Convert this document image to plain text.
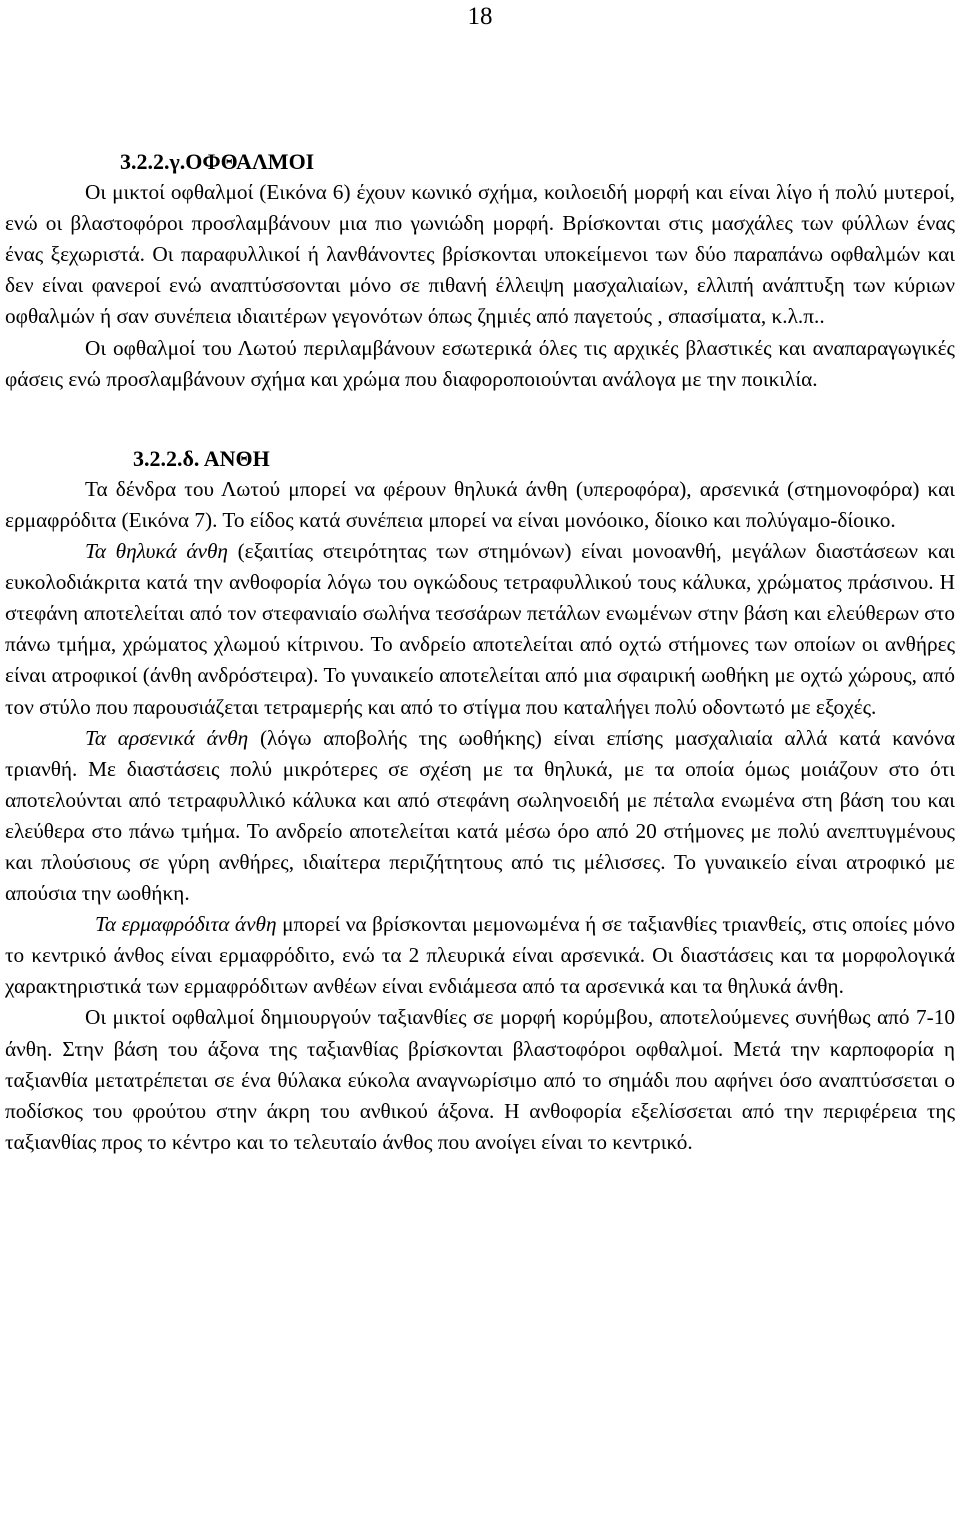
18
3.2.2.γ.ΟΦΘΑΛΜΟΙ

Οι μικτοί οφθαλμοί (Εικόνα 6) έχουν κωνικό σχήμα, κοιλοειδή μορφή και είναι λίγο ή πολύ μυτεροί, ενώ οι βλαστοφόροι προσλαμβάνουν μια πιο γωνιώδη μορφή. Βρίσκονται στις μασχάλες των φύλλων ένας ένας ξεχωριστά. Οι παραφυλλικοί ή λανθάνοντες βρίσκονται υποκείμενοι των δύο παραπάνω οφθαλμών και δεν είναι φανεροί ενώ αναπτύσσονται μόνο σε πιθανή έλλειψη μασχαλιαίων, ελλιπή ανάπτυξη των κύριων οφθαλμών ή σαν συνέπεια ιδιαιτέρων γεγονότων όπως ζημιές από παγετούς , σπασίματα, κ.λ.π..

Οι οφθαλμοί του Λωτού περιλαμβάνουν εσωτερικά όλες τις αρχικές βλαστικές και αναπαραγωγικές φάσεις ενώ προσλαμβάνουν σχήμα και χρώμα που διαφοροποιούνται ανάλογα με την ποικιλία.

3.2.2.δ. ΑΝΘΗ

Τα δένδρα του Λωτού μπορεί να φέρουν θηλυκά άνθη (υπεροφόρα), αρσενικά (στημονοφόρα) και ερμαφρόδιτα (Εικόνα 7). Το είδος κατά συνέπεια μπορεί να είναι μονόοικο, δίοικο και πολύγαμο-δίοικο.

Τα θηλυκά άνθη (εξαιτίας στειρότητας των στημόνων) είναι μονοανθή, μεγάλων διαστάσεων και ευκολοδιάκριτα κατά την ανθοφορία λόγω του ογκώδους τετραφυλλικού τους κάλυκα, χρώματος πράσινου. Η στεφάνη αποτελείται από τον στεφανιαίο σωλήνα τεσσάρων πετάλων ενωμένων στην βάση και ελεύθερων στο πάνω τμήμα, χρώματος χλωμού κίτρινου. Το ανδρείο αποτελείται από οχτώ στήμονες των οποίων οι ανθήρες είναι ατροφικοί (άνθη ανδρόστειρα). Το γυναικείο αποτελείται από μια σφαιρική ωοθήκη με οχτώ χώρους, από τον στύλο που παρουσιάζεται τετραμερής και από το στίγμα που καταλήγει πολύ οδοντωτό με εξοχές.

Τα αρσενικά άνθη (λόγω αποβολής της ωοθήκης) είναι επίσης μασχαλιαία αλλά κατά κανόνα τριανθή. Με διαστάσεις πολύ μικρότερες σε σχέση με τα θηλυκά, με τα οποία όμως μοιάζουν στο ότι αποτελούνται από τετραφυλλικό κάλυκα και από στεφάνη σωληνοειδή με πέταλα ενωμένα στη βάση του και ελεύθερα στο πάνω τμήμα. Το ανδρείο αποτελείται κατά μέσω όρο από 20 στήμονες με πολύ ανεπτυγμένους και πλούσιους σε γύρη ανθήρες, ιδιαίτερα περιζήτητους από τις μέλισσες. Το γυναικείο είναι ατροφικό με απούσια την ωοθήκη.

Τα ερμαφρόδιτα άνθη μπορεί να βρίσκονται μεμονωμένα ή σε ταξιανθίες τριανθείς, στις οποίες μόνο το κεντρικό άνθος είναι ερμαφρόδιτο, ενώ τα 2 πλευρικά είναι αρσενικά. Οι διαστάσεις και τα μορφολογικά χαρακτηριστικά των ερμαφρόδιτων ανθέων είναι ενδιάμεσα από τα αρσενικά και τα θηλυκά άνθη.

Οι μικτοί οφθαλμοί δημιουργούν ταξιανθίες σε μορφή κορύμβου, αποτελούμενες συνήθως από 7-10 άνθη. Στην βάση του άξονα της ταξιανθίας βρίσκονται βλαστοφόροι οφθαλμοί. Μετά την καρποφορία η ταξιανθία μετατρέπεται σε ένα θύλακα εύκολα αναγνωρίσιμο από το σημάδι που αφήνει όσο αναπτύσσεται ο ποδίσκος του φρούτου στην άκρη του ανθικού άξονα. Η ανθοφορία εξελίσσεται από την περιφέρεια της ταξιανθίας προς το κέντρο και το τελευταίο άνθος που ανοίγει είναι το κεντρικό.
